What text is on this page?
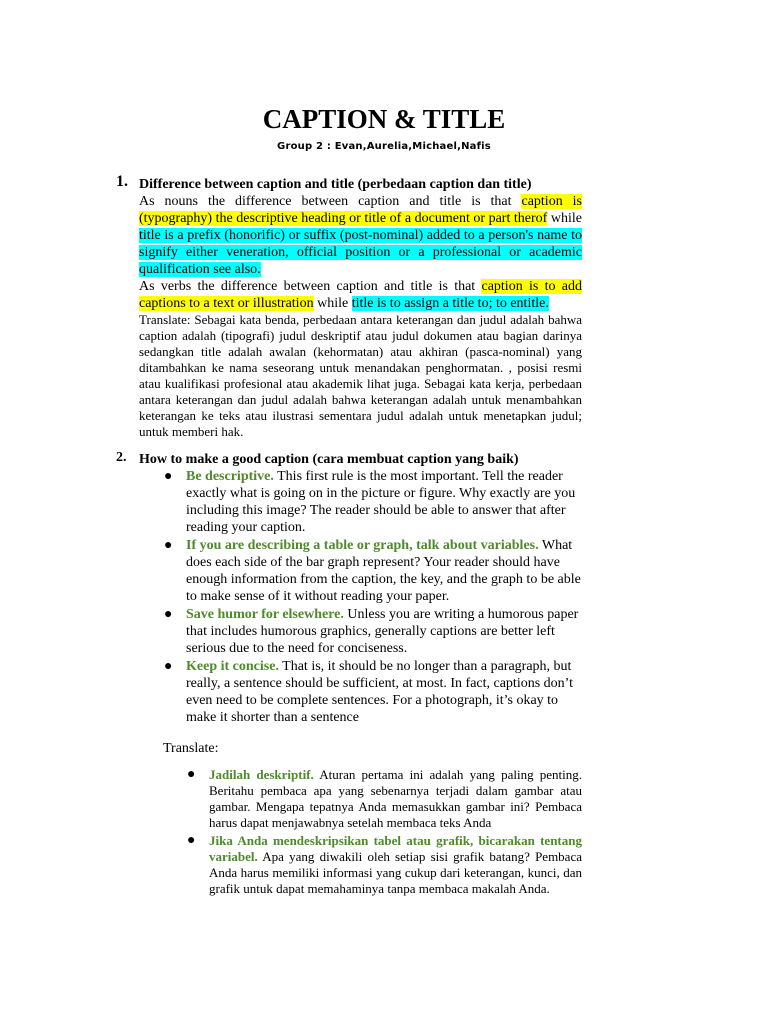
CAPTION & TITLE
Group 2 : Evan,Aurelia,Michael,Nafis
1. Difference between caption and title (perbedaan caption dan title)

As nouns the difference between caption and title is that caption is (typography) the descriptive heading or title of a document or part therof while title is a prefix (honorific) or suffix (post-nominal) added to a person's name to signify either veneration, official position or a professional or academic qualification see also.

As verbs the difference between caption and title is that caption is to add captions to a text or illustration while title is to assign a title to; to entitle.

Translate: Sebagai kata benda, perbedaan antara keterangan dan judul adalah bahwa caption adalah (tipografi) judul deskriptif atau judul dokumen atau bagian darinya sedangkan title adalah awalan (kehormatan) atau akhiran (pasca-nominal) yang ditambahkan ke nama seseorang untuk menandakan penghormatan. , posisi resmi atau kualifikasi profesional atau akademik lihat juga. Sebagai kata kerja, perbedaan antara keterangan dan judul adalah bahwa keterangan adalah untuk menambahkan keterangan ke teks atau ilustrasi sementara judul adalah untuk menetapkan judul; untuk memberi hak.

2. How to make a good caption (cara membuat caption yang baik)
● Be descriptive. This first rule is the most important. Tell the reader exactly what is going on in the picture or figure. Why exactly are you including this image? The reader should be able to answer that after reading your caption.
● If you are describing a table or graph, talk about variables. What does each side of the bar graph represent? Your reader should have enough information from the caption, the key, and the graph to be able to make sense of it without reading your paper.
● Save humor for elsewhere. Unless you are writing a humorous paper that includes humorous graphics, generally captions are better left serious due to the need for conciseness.
● Keep it concise. That is, it should be no longer than a paragraph, but really, a sentence should be sufficient, at most. In fact, captions don’t even need to be complete sentences. For a photograph, it’s okay to make it shorter than a sentence
Translate:
● Jadilah deskriptif. Aturan pertama ini adalah yang paling penting. Beritahu pembaca apa yang sebenarnya terjadi dalam gambar atau gambar. Mengapa tepatnya Anda memasukkan gambar ini? Pembaca harus dapat menjawabnya setelah membaca teks Anda
● Jika Anda mendeskripsikan tabel atau grafik, bicarakan tentang variabel. Apa yang diwakili oleh setiap sisi grafik batang? Pembaca Anda harus memiliki informasi yang cukup dari keterangan, kunci, dan grafik untuk dapat memahaminya tanpa membaca makalah Anda.
